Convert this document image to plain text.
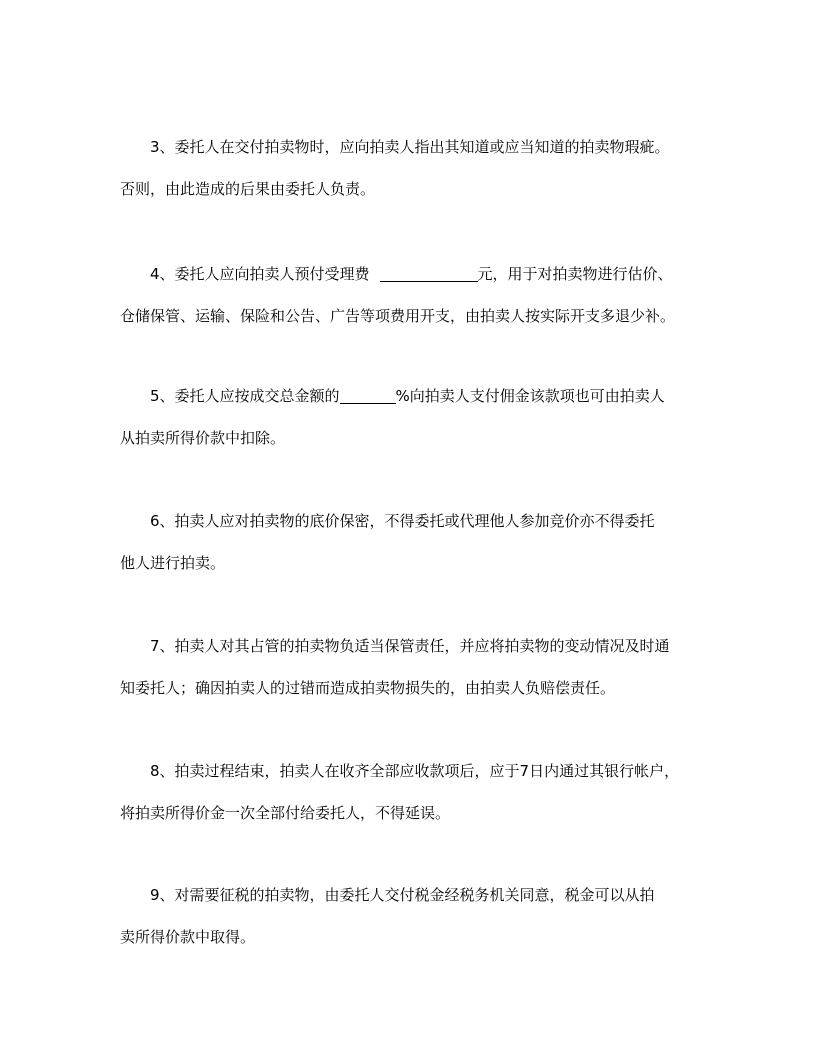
3、委托人在交付拍卖物时，应向拍卖人指出其知道或应当知道的拍卖物瑕疵。
否则，由此造成的后果由委托人负责。
4、委托人应向拍卖人预付受理费	元，用于对拍卖物进行估价、
仓储保管、运输、保险和公告、广告等项费用开支，由拍卖人按实际开支多退少补。
5、委托人应按成交总金额的	%向拍卖人支付佣金该款项也可由拍卖人
从拍卖所得价款中扣除。
6、拍卖人应对拍卖物的底价保密，不得委托或代理他人参加竞价亦不得委托
他人进行拍卖。
7、拍卖人对其占管的拍卖物负适当保管责任，并应将拍卖物的变动情况及时通
知委托人；确因拍卖人的过错而造成拍卖物损失的，由拍卖人负赔偿责任。
8、拍卖过程结束，拍卖人在收齐全部应收款项后，应于7日内通过其银行帐户，
将拍卖所得价金一次全部付给委托人，不得延误。
9、对需要征税的拍卖物，由委托人交付税金经税务机关同意，税金可以从拍
卖所得价款中取得。
